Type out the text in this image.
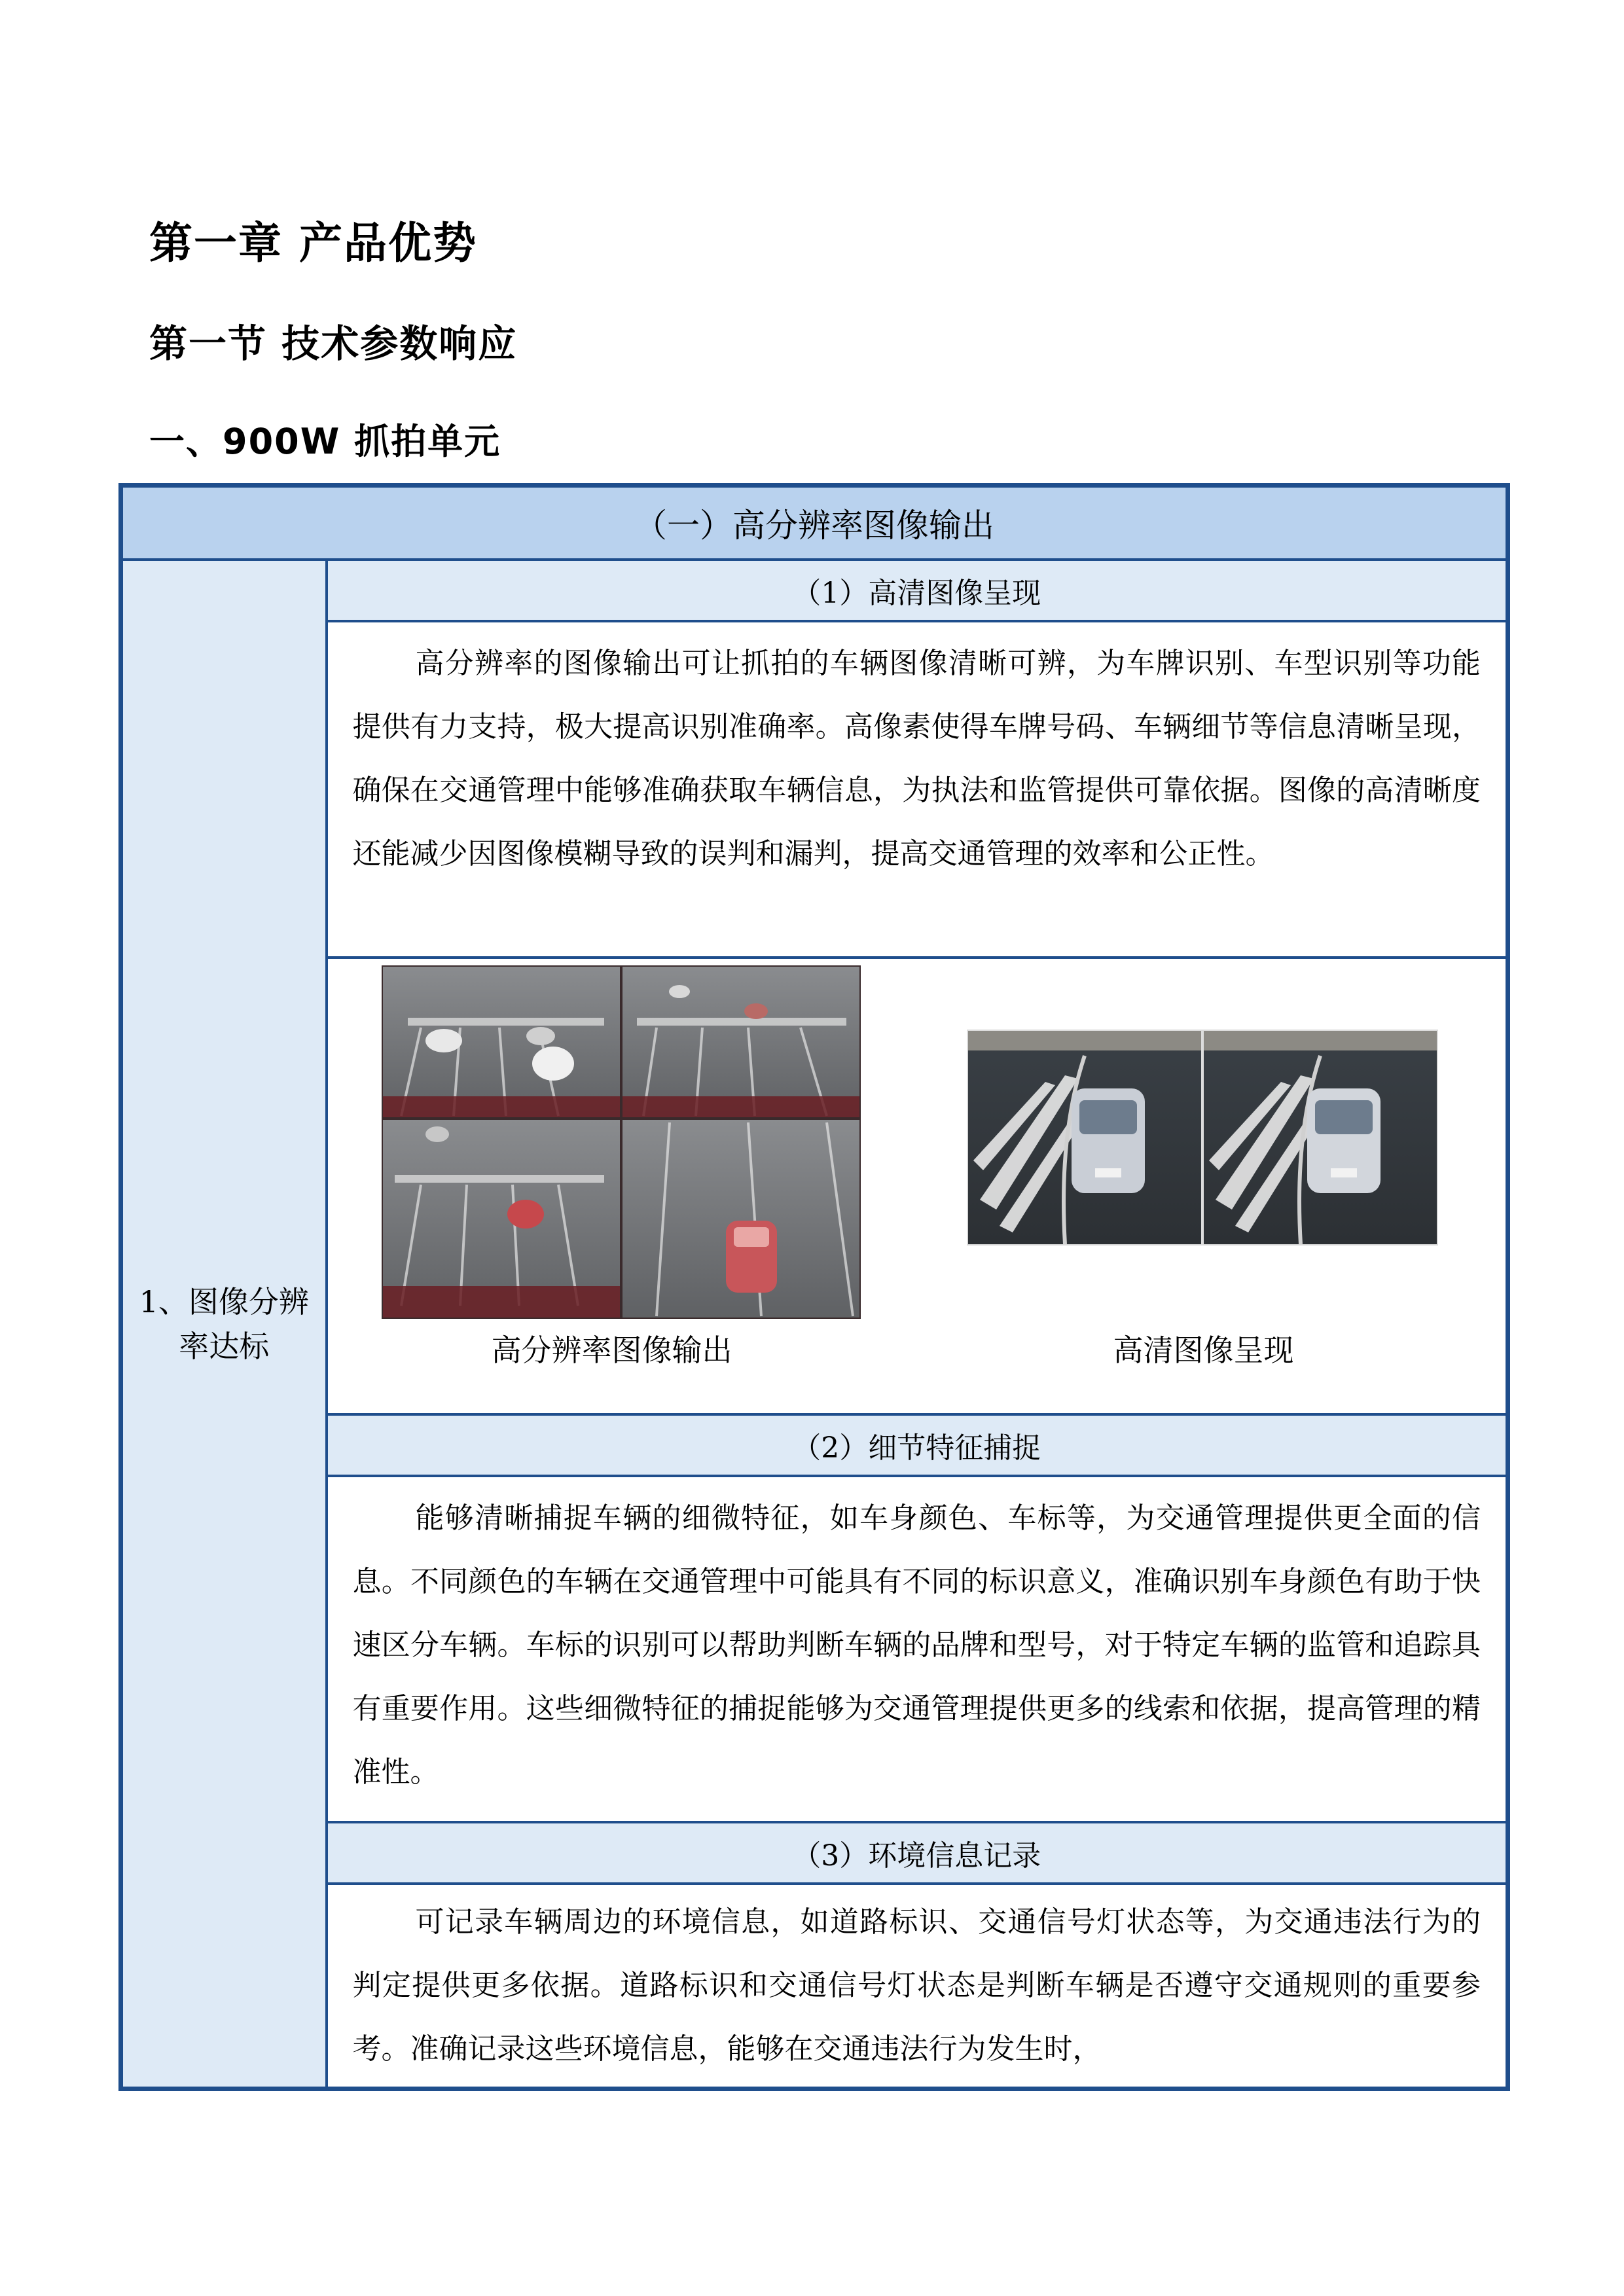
第一章 产品优势
第一节 技术参数响应
一、900W 抓拍单元
（一）高分辨率图像输出
1、图像分辨率达标	（1）高清图像呈现
高分辨率的图像输出可让抓拍的车辆图像清晰可辨，为车牌识别、车型识别等功能提供有力支持，极大提高识别准确率。高像素使得车牌号码、车辆细节等信息清晰呈现，确保在交通管理中能够准确获取车辆信息，为执法和监管提供可靠依据。图像的高清晰度还能减少因图像模糊导致的误判和漏判，提高交通管理的效率和公正性。

高分辨率图像输出	高清图像呈现

（2）细节特征捕捉
能够清晰捕捉车辆的细微特征，如车身颜色、车标等，为交通管理提供更全面的信息。不同颜色的车辆在交通管理中可能具有不同的标识意义，准确识别车身颜色有助于快速区分车辆。车标的识别可以帮助判断车辆的品牌和型号，对于特定车辆的监管和追踪具有重要作用。这些细微特征的捕捉能够为交通管理提供更多的线索和依据，提高管理的精准性。
（3）环境信息记录
可记录车辆周边的环境信息，如道路标识、交通信号灯状态等，为交通违法行为的判定提供更多依据。道路标识和交通信号灯状态是判断车辆是否遵守交通规则的重要参考。准确记录这些环境信息，能够在交通违法行为发生时，
